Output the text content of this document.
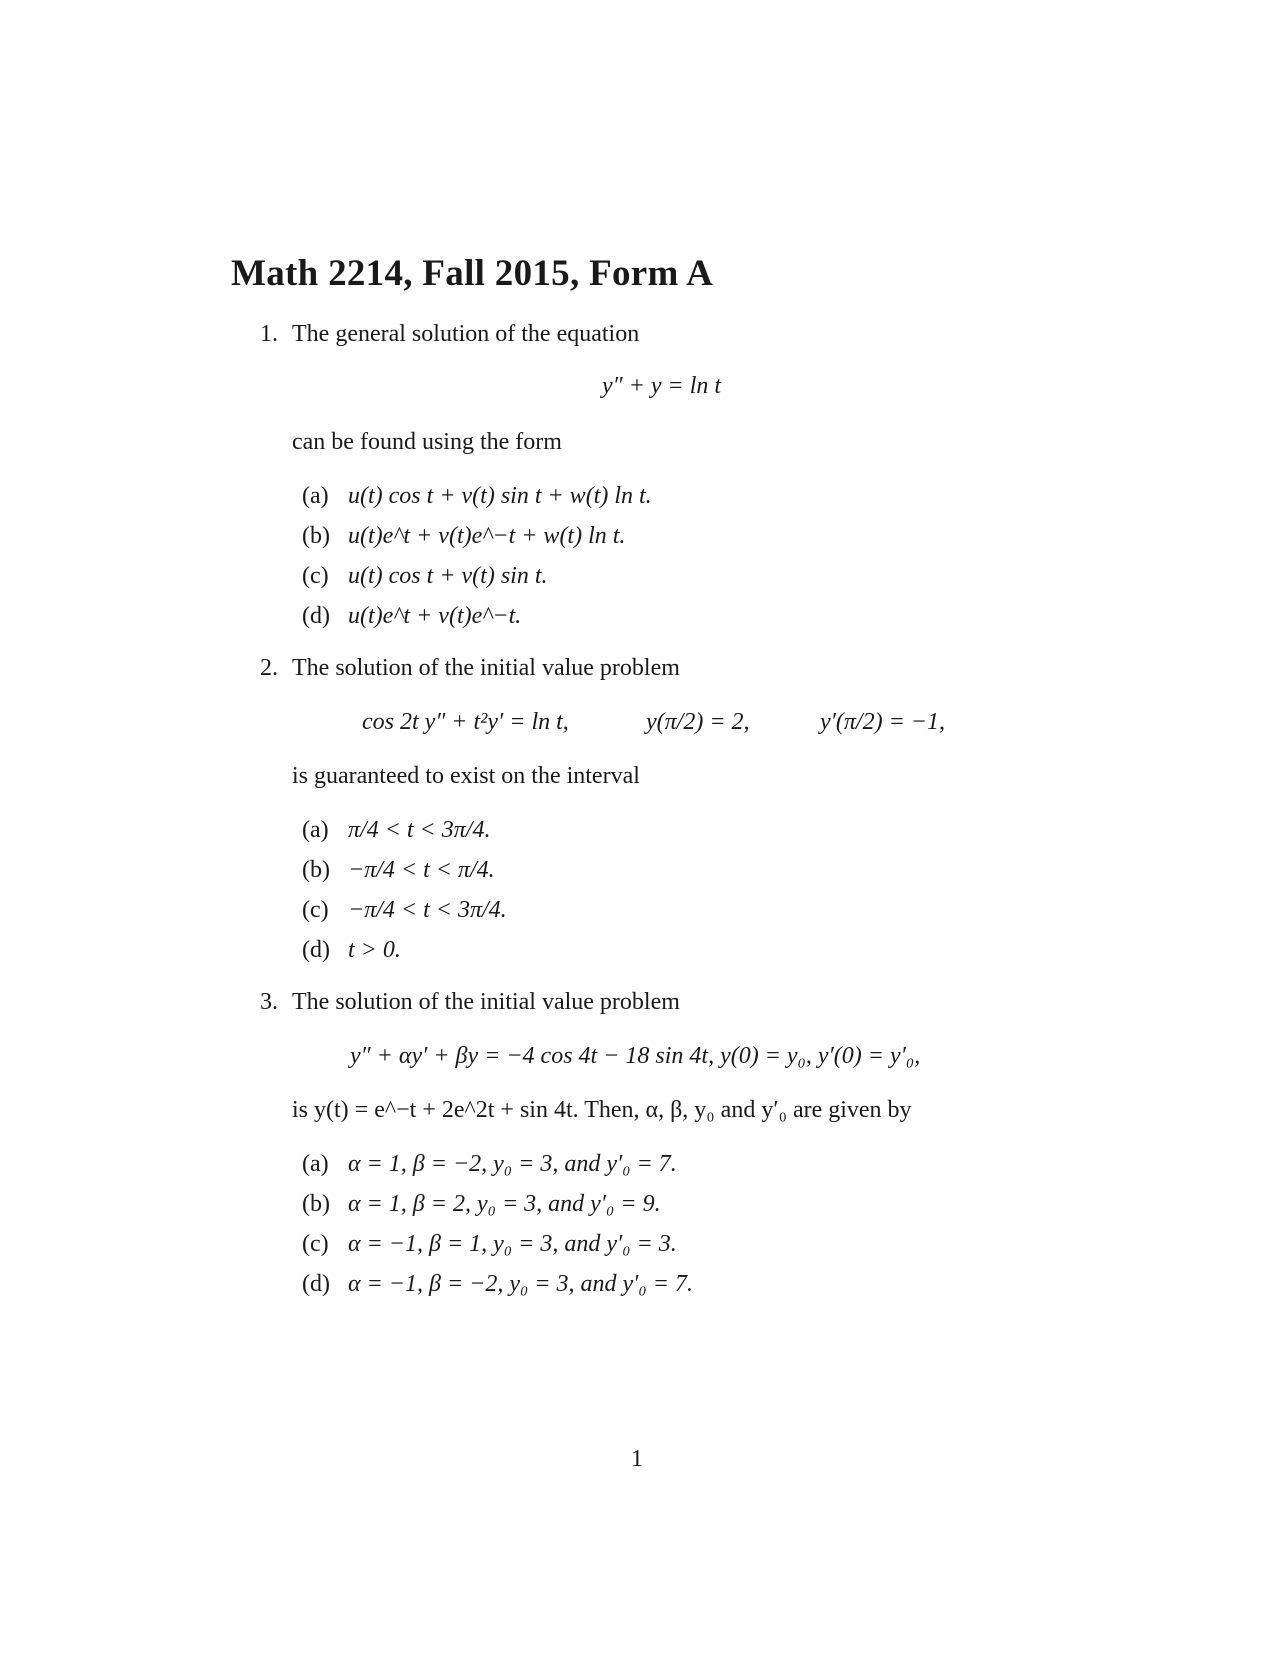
Math 2214, Fall 2015, Form A
1. The general solution of the equation
y″ + y = ln t
can be found using the form
(a) u(t) cos t + v(t) sin t + w(t) ln t.
(b) u(t)e^t + v(t)e^−t + w(t) ln t.
(c) u(t) cos t + v(t) sin t.
(d) u(t)e^t + v(t)e^−t.
2. The solution of the initial value problem
cos 2t y″ + t²y′ = ln t,	y(π/2) = 2,	y′(π/2) = −1,
is guaranteed to exist on the interval
(a) π/4 < t < 3π/4.
(b) −π/4 < t < π/4.
(c) −π/4 < t < 3π/4.
(d) t > 0.
3. The solution of the initial value problem
y″ + αy′ + βy = −4 cos 4t − 18 sin 4t, y(0) = y₀, y′(0) = y′₀,
is y(t) = e^−t + 2e^2t + sin 4t. Then, α, β, y₀ and y′₀ are given by
(a) α = 1, β = −2, y₀ = 3, and y′₀ = 7.
(b) α = 1, β = 2, y₀ = 3, and y′₀ = 9.
(c) α = −1, β = 1, y₀ = 3, and y′₀ = 3.
(d) α = −1, β = −2, y₀ = 3, and y′₀ = 7.
1
